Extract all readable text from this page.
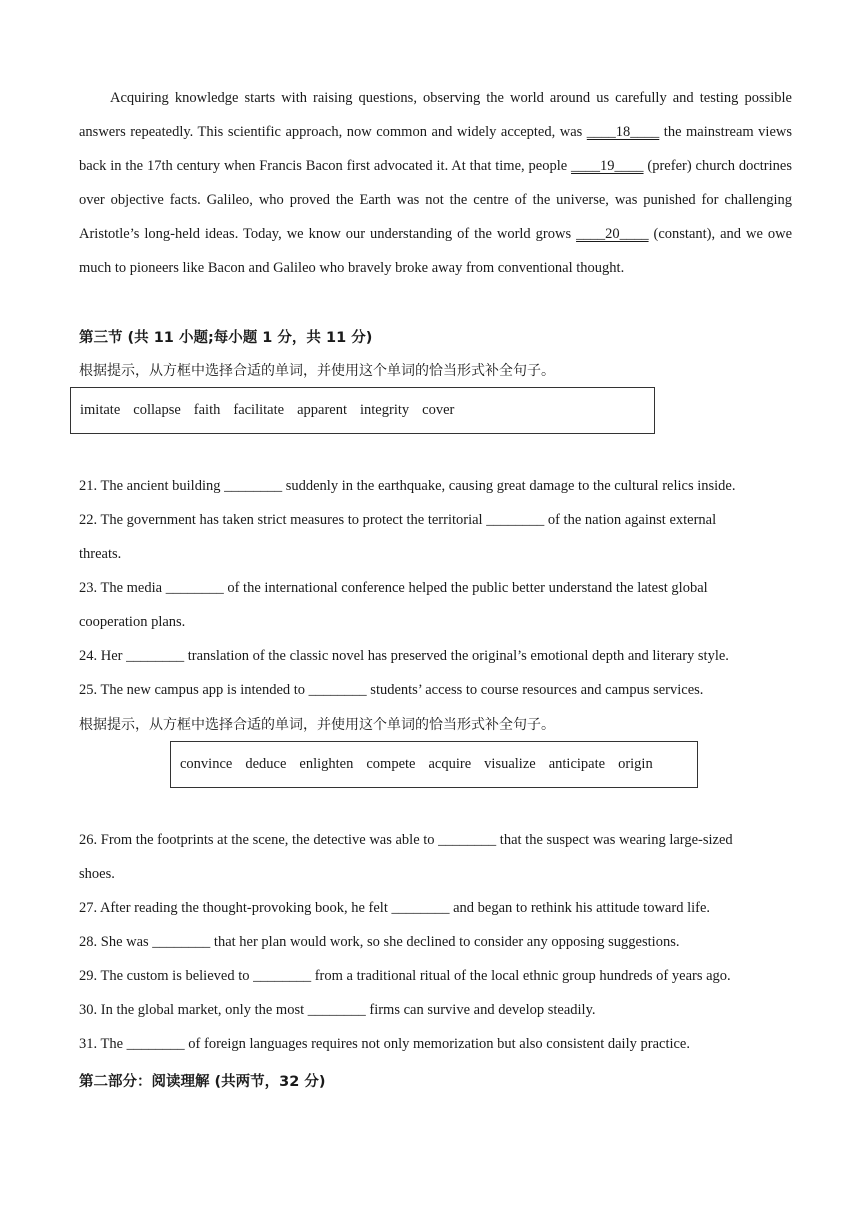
Acquiring knowledge starts with raising questions, observing the world around us carefully and testing possible answers repeatedly. This scientific approach, now common and widely accepted, was ____18____ the mainstream views back in the 17th century when Francis Bacon first advocated it. At that time, people ____19____ (prefer) church doctrines over objective facts. Galileo, who proved the Earth was not the centre of the universe, was punished for challenging Aristotle’s long-held ideas. Today, we know our understanding of the world grows ____20____ (constant), and we owe much to pioneers like Bacon and Galileo who bravely broke away from conventional thought.

第三节 (共 11 小题;每小题 1 分，共 11 分)

根据提示，从方框中选择合适的单词，并使用这个单词的恰当形式补全句子。

imitate collapse faith facilitate apparent integrity cover

21. The ancient building ________ suddenly in the earthquake, causing great damage to the cultural relics inside.

22. The government has taken strict measures to protect the territorial ________ of the nation against external

threats.

23. The media ________ of the international conference helped the public better understand the latest global

cooperation plans.

24. Her ________ translation of the classic novel has preserved the original’s emotional depth and literary style.

25. The new campus app is intended to ________ students’ access to course resources and campus services.

根据提示，从方框中选择合适的单词，并使用这个单词的恰当形式补全句子。

convince deduce enlighten compete acquire visualize anticipate origin

26. From the footprints at the scene, the detective was able to ________ that the suspect was wearing large-sized

shoes.

27. After reading the thought-provoking book, he felt ________ and began to rethink his attitude toward life.

28. She was ________ that her plan would work, so she declined to consider any opposing suggestions.

29. The custom is believed to ________ from a traditional ritual of the local ethnic group hundreds of years ago.

30. In the global market, only the most ________ firms can survive and develop steadily.

31. The ________ of foreign languages requires not only memorization but also consistent daily practice.

第二部分：阅读理解 (共两节，32 分)
